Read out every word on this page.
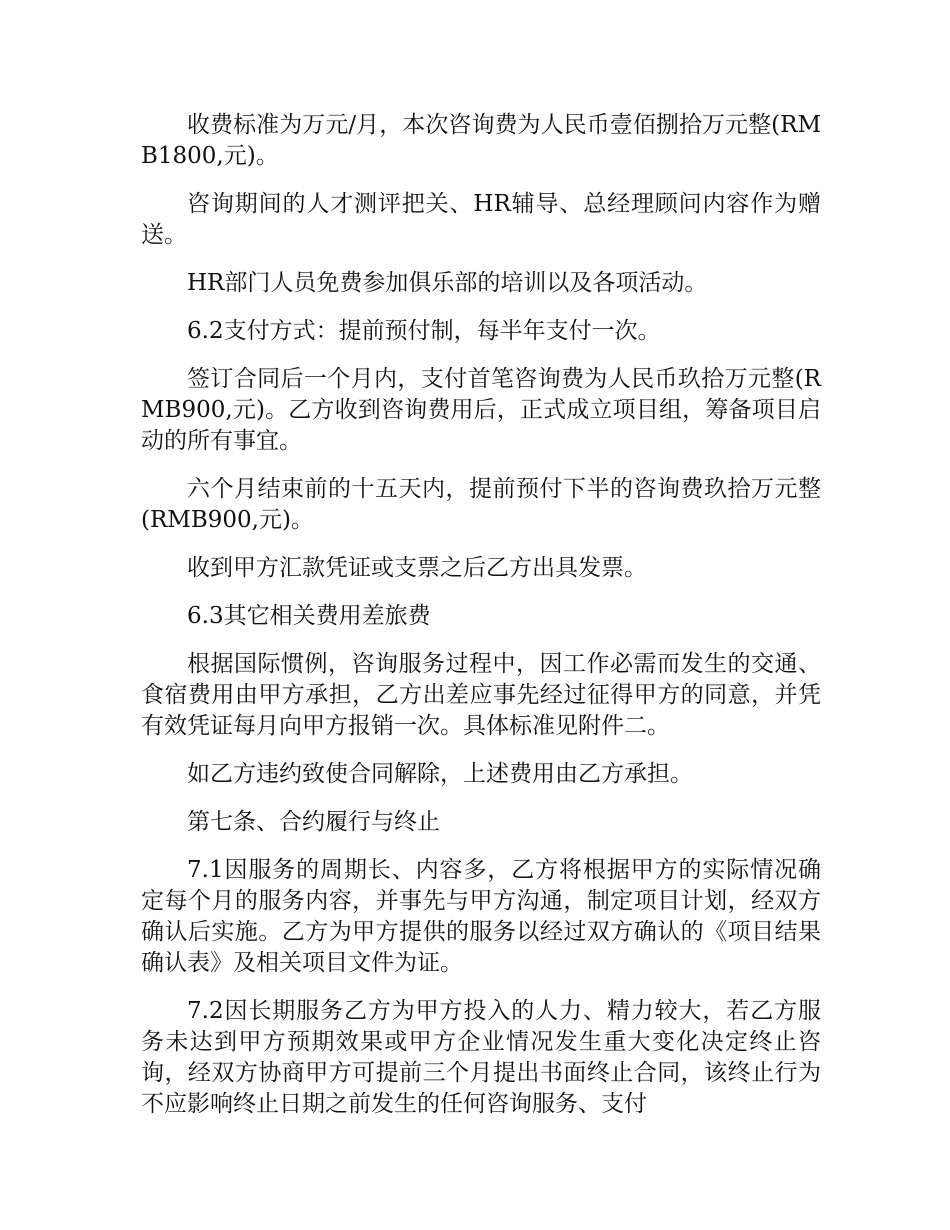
收费标准为万元/月，本次咨询费为人民币壹佰捌拾万元整(RMB1800,元)。

咨询期间的人才测评把关、HR辅导、总经理顾问内容作为赠送。

HR部门人员免费参加俱乐部的培训以及各项活动。

6.2支付方式：提前预付制，每半年支付一次。

签订合同后一个月内，支付首笔咨询费为人民币玖拾万元整(RMB900,元)。乙方收到咨询费用后，正式成立项目组，筹备项目启动的所有事宜。

六个月结束前的十五天内，提前预付下半的咨询费玖拾万元整(RMB900,元)。

收到甲方汇款凭证或支票之后乙方出具发票。

6.3其它相关费用差旅费

根据国际惯例，咨询服务过程中，因工作必需而发生的交通、食宿费用由甲方承担，乙方出差应事先经过征得甲方的同意，并凭有效凭证每月向甲方报销一次。具体标准见附件二。

如乙方违约致使合同解除，上述费用由乙方承担。

第七条、合约履行与终止

7.1因服务的周期长、内容多，乙方将根据甲方的实际情况确定每个月的服务内容，并事先与甲方沟通，制定项目计划，经双方确认后实施。乙方为甲方提供的服务以经过双方确认的《项目结果确认表》及相关项目文件为证。

7.2因长期服务乙方为甲方投入的人力、精力较大，若乙方服务未达到甲方预期效果或甲方企业情况发生重大变化决定终止咨询，经双方协商甲方可提前三个月提出书面终止合同，该终止行为不应影响终止日期之前发生的任何咨询服务、支付
